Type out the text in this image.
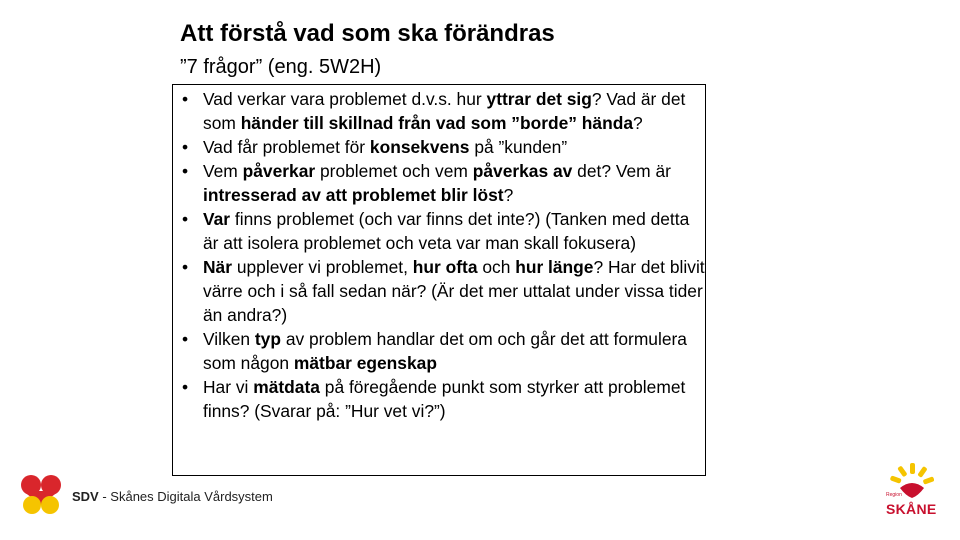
Att förstå vad som ska förändras
”7 frågor” (eng. 5W2H)
• Vad verkar vara problemet d.v.s. hur yttrar det sig? Vad är det som händer till skillnad från vad som ”borde” hända?
• Vad får problemet för konsekvens på ”kunden”
• Vem påverkar problemet och vem påverkas av det? Vem är intresserad av att problemet blir löst?
• Var finns problemet (och var finns det inte?) (Tanken med detta är att isolera problemet och veta var man skall fokusera)
• När upplever vi problemet, hur ofta och hur länge? Har det blivit värre och i så fall sedan när? (Är det mer uttalat under vissa tider än andra?)
• Vilken typ av problem handlar det om och går det att formulera som någon mätbar egenskap
• Har vi mätdata på föregående punkt som styrker att problemet finns? (Svarar på: ”Hur vet vi?”)
SDV - Skånes Digitala Vårdsystem	Region
SKÅNE
